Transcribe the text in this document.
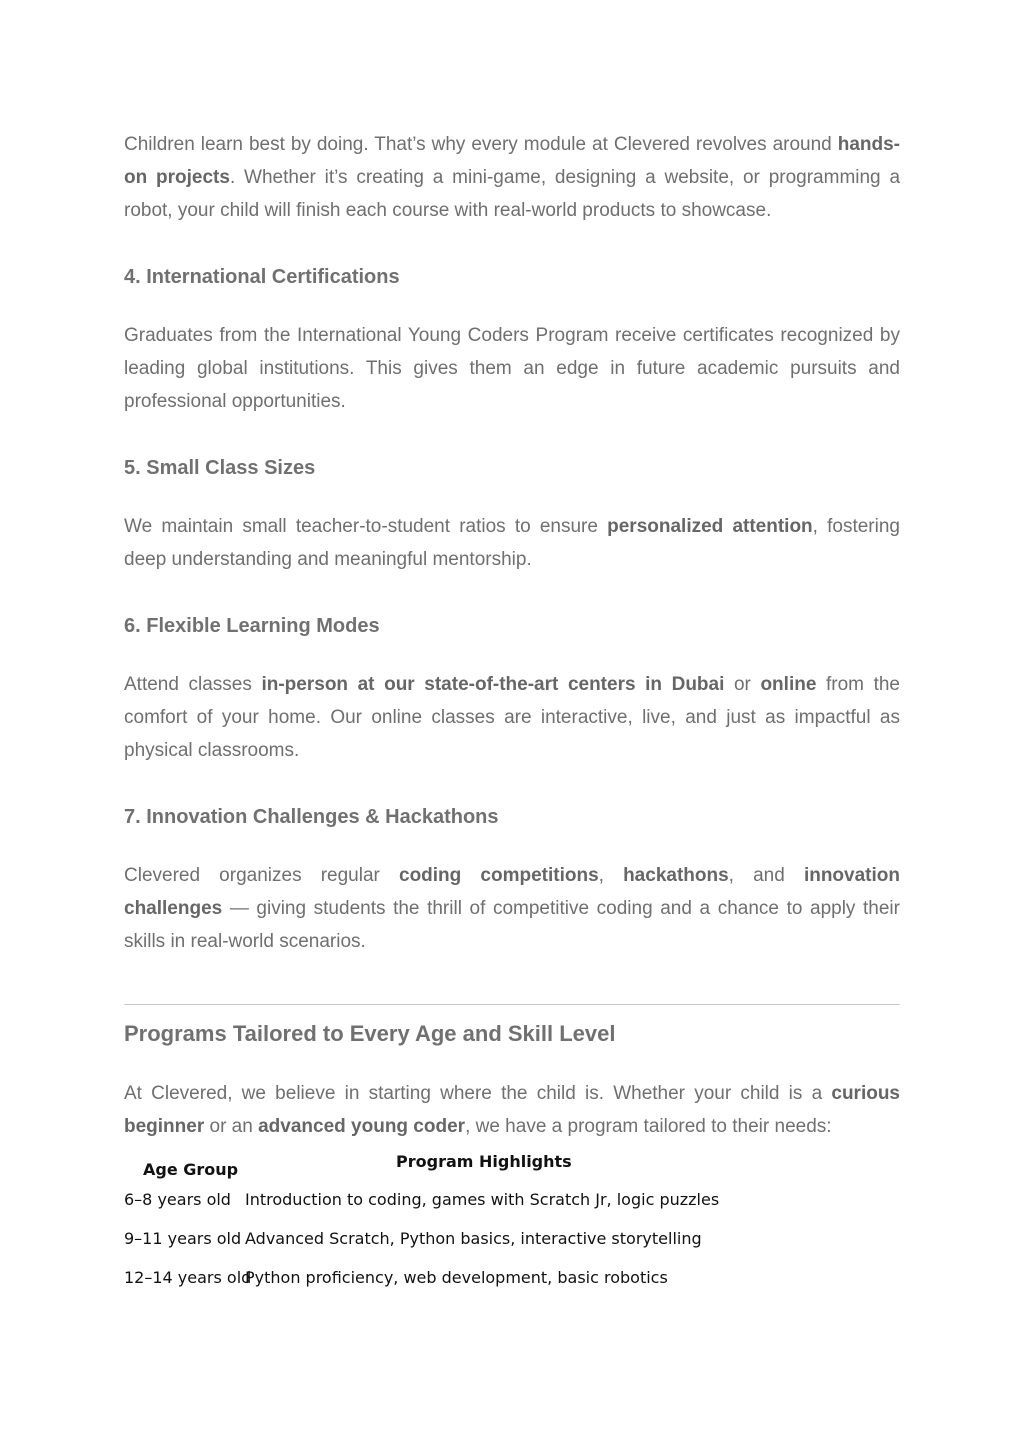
Children learn best by doing. That’s why every module at Clevered revolves around hands-on projects. Whether it’s creating a mini-game, designing a website, or programming a robot, your child will finish each course with real-world products to showcase.

4. International Certifications

Graduates from the International Young Coders Program receive certificates recognized by leading global institutions. This gives them an edge in future academic pursuits and professional opportunities.

5. Small Class Sizes

We maintain small teacher-to-student ratios to ensure personalized attention, fostering deep understanding and meaningful mentorship.

6. Flexible Learning Modes

Attend classes in-person at our state-of-the-art centers in Dubai or online from the comfort of your home. Our online classes are interactive, live, and just as impactful as physical classrooms.

7. Innovation Challenges & Hackathons

Clevered organizes regular coding competitions, hackathons, and innovation challenges — giving students the thrill of competitive coding and a chance to apply their skills in real-world scenarios.

Programs Tailored to Every Age and Skill Level

At Clevered, we believe in starting where the child is. Whether your child is a curious beginner or an advanced young coder, we have a program tailored to their needs:

Age Group	Program Highlights
6–8 years old Introduction to coding, games with Scratch Jr, logic puzzles
9–11 years old Advanced Scratch, Python basics, interactive storytelling
12–14 years old
Python proficiency, web development, basic robotics
